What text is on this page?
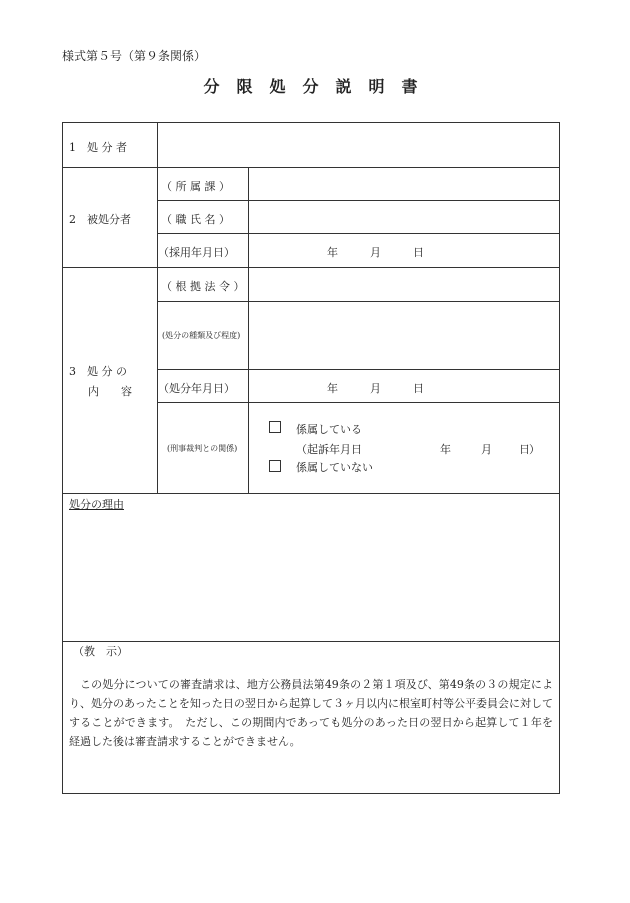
様式第５号（第９条関係）
分限処分説明書
1　処 分 者
2　被処分者
（ 所 属 課 ）
（ 職 氏 名 ）
（採用年月日）	年	月	日
3　処 分 の
内　　容
（ 根 拠 法 令 ）
(処分の種類及び程度)
（処分年月日）	年	月	日
(刑事裁判との関係)
係属している
（起訴年月日	年	月 日 ）
係属していない
処分の理由
（教　示）
この処分についての審査請求は、地方公務員法第49条の２第１項及び、第49条の３の規定により、処分のあったことを知った日の翌日から起算して３ヶ月以内に根室町村等公平委員会に対してすることができます。　ただし、この期間内であっても処分のあった日の翌日から起算して１年を経過した後は審査請求することができません。
